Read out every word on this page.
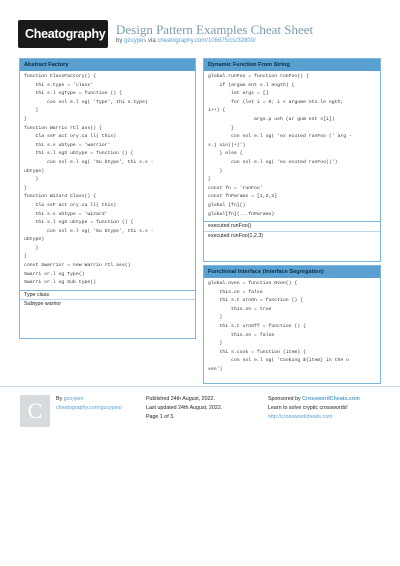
Cheatography Design Pattern Examples Cheat Sheet
by gzuypes via cheatography.com/106675/cs/32800/
Abstract Factory
function ClassFactory() {
thi s.type = 'class'
thi s.l ogType = function () {
con sol e.l og( 'Type', thi s.type)
}
}
function Warrio rCl ass() {
Cla ssF act ory.ca ll( this)
thi s.s ubtype = 'warrior'
thi s.l ogS ubtype = function () {
con sol e.l og( 'Su btype', thi s.s -
ubtype)
}
}
function Wizard Class() {
Cla ssF act ory.ca ll( this)
thi s.s ubtype = 'wizard'
thi s.l ogS ubtype = function () {
con sol e.l og( 'Su btype', thi s.s -
ubtype)
}
}
const Swarrior = new Warrio rCl ass()
Swarri or.l og Type()
Swarri or.l og Sub type()
Type class
Subtype warrior
Dynamic Function From String
global.runFoo = function runFoo() {
if (argum ent s.l ength) {
let args = []
for (let i = 0; i < argume nts.le ngth;
i++) {
args.p ush (ar gum ent s[i])
}
con sol e.l og( 'ex ecuted runFoo (' arg -
s.j oin()+)')
} else {
con sol e.l og( 'ex ecuted runFoo()')
}
}
const fn = 'runFoo'
const fnParams = [1,2,3]
global [fn]()
global[fn](...fnParams)
executed runFoo()
executed runFoo(1,2,3)
Functional Interface (Interface Segregation)
global.oven = function Oven() {
this.on = false
thi s.t urnOn = function () {
this.on = true
}
thi s.t urnOff = function () {
this.on = false
}
thi s.cook = function (item) {
con sol e.l og( 'Cooking ${item} in the o
ven')
C	By gzuypes
cheatography.com/gzuypes/
Published 24th August, 2022.
Last updated 24th August, 2022.
Page 1 of 3.
Sponsored by CrosswordCheats.com
Learn to solve cryptic crosswords!
http://crosswordcheats.com
